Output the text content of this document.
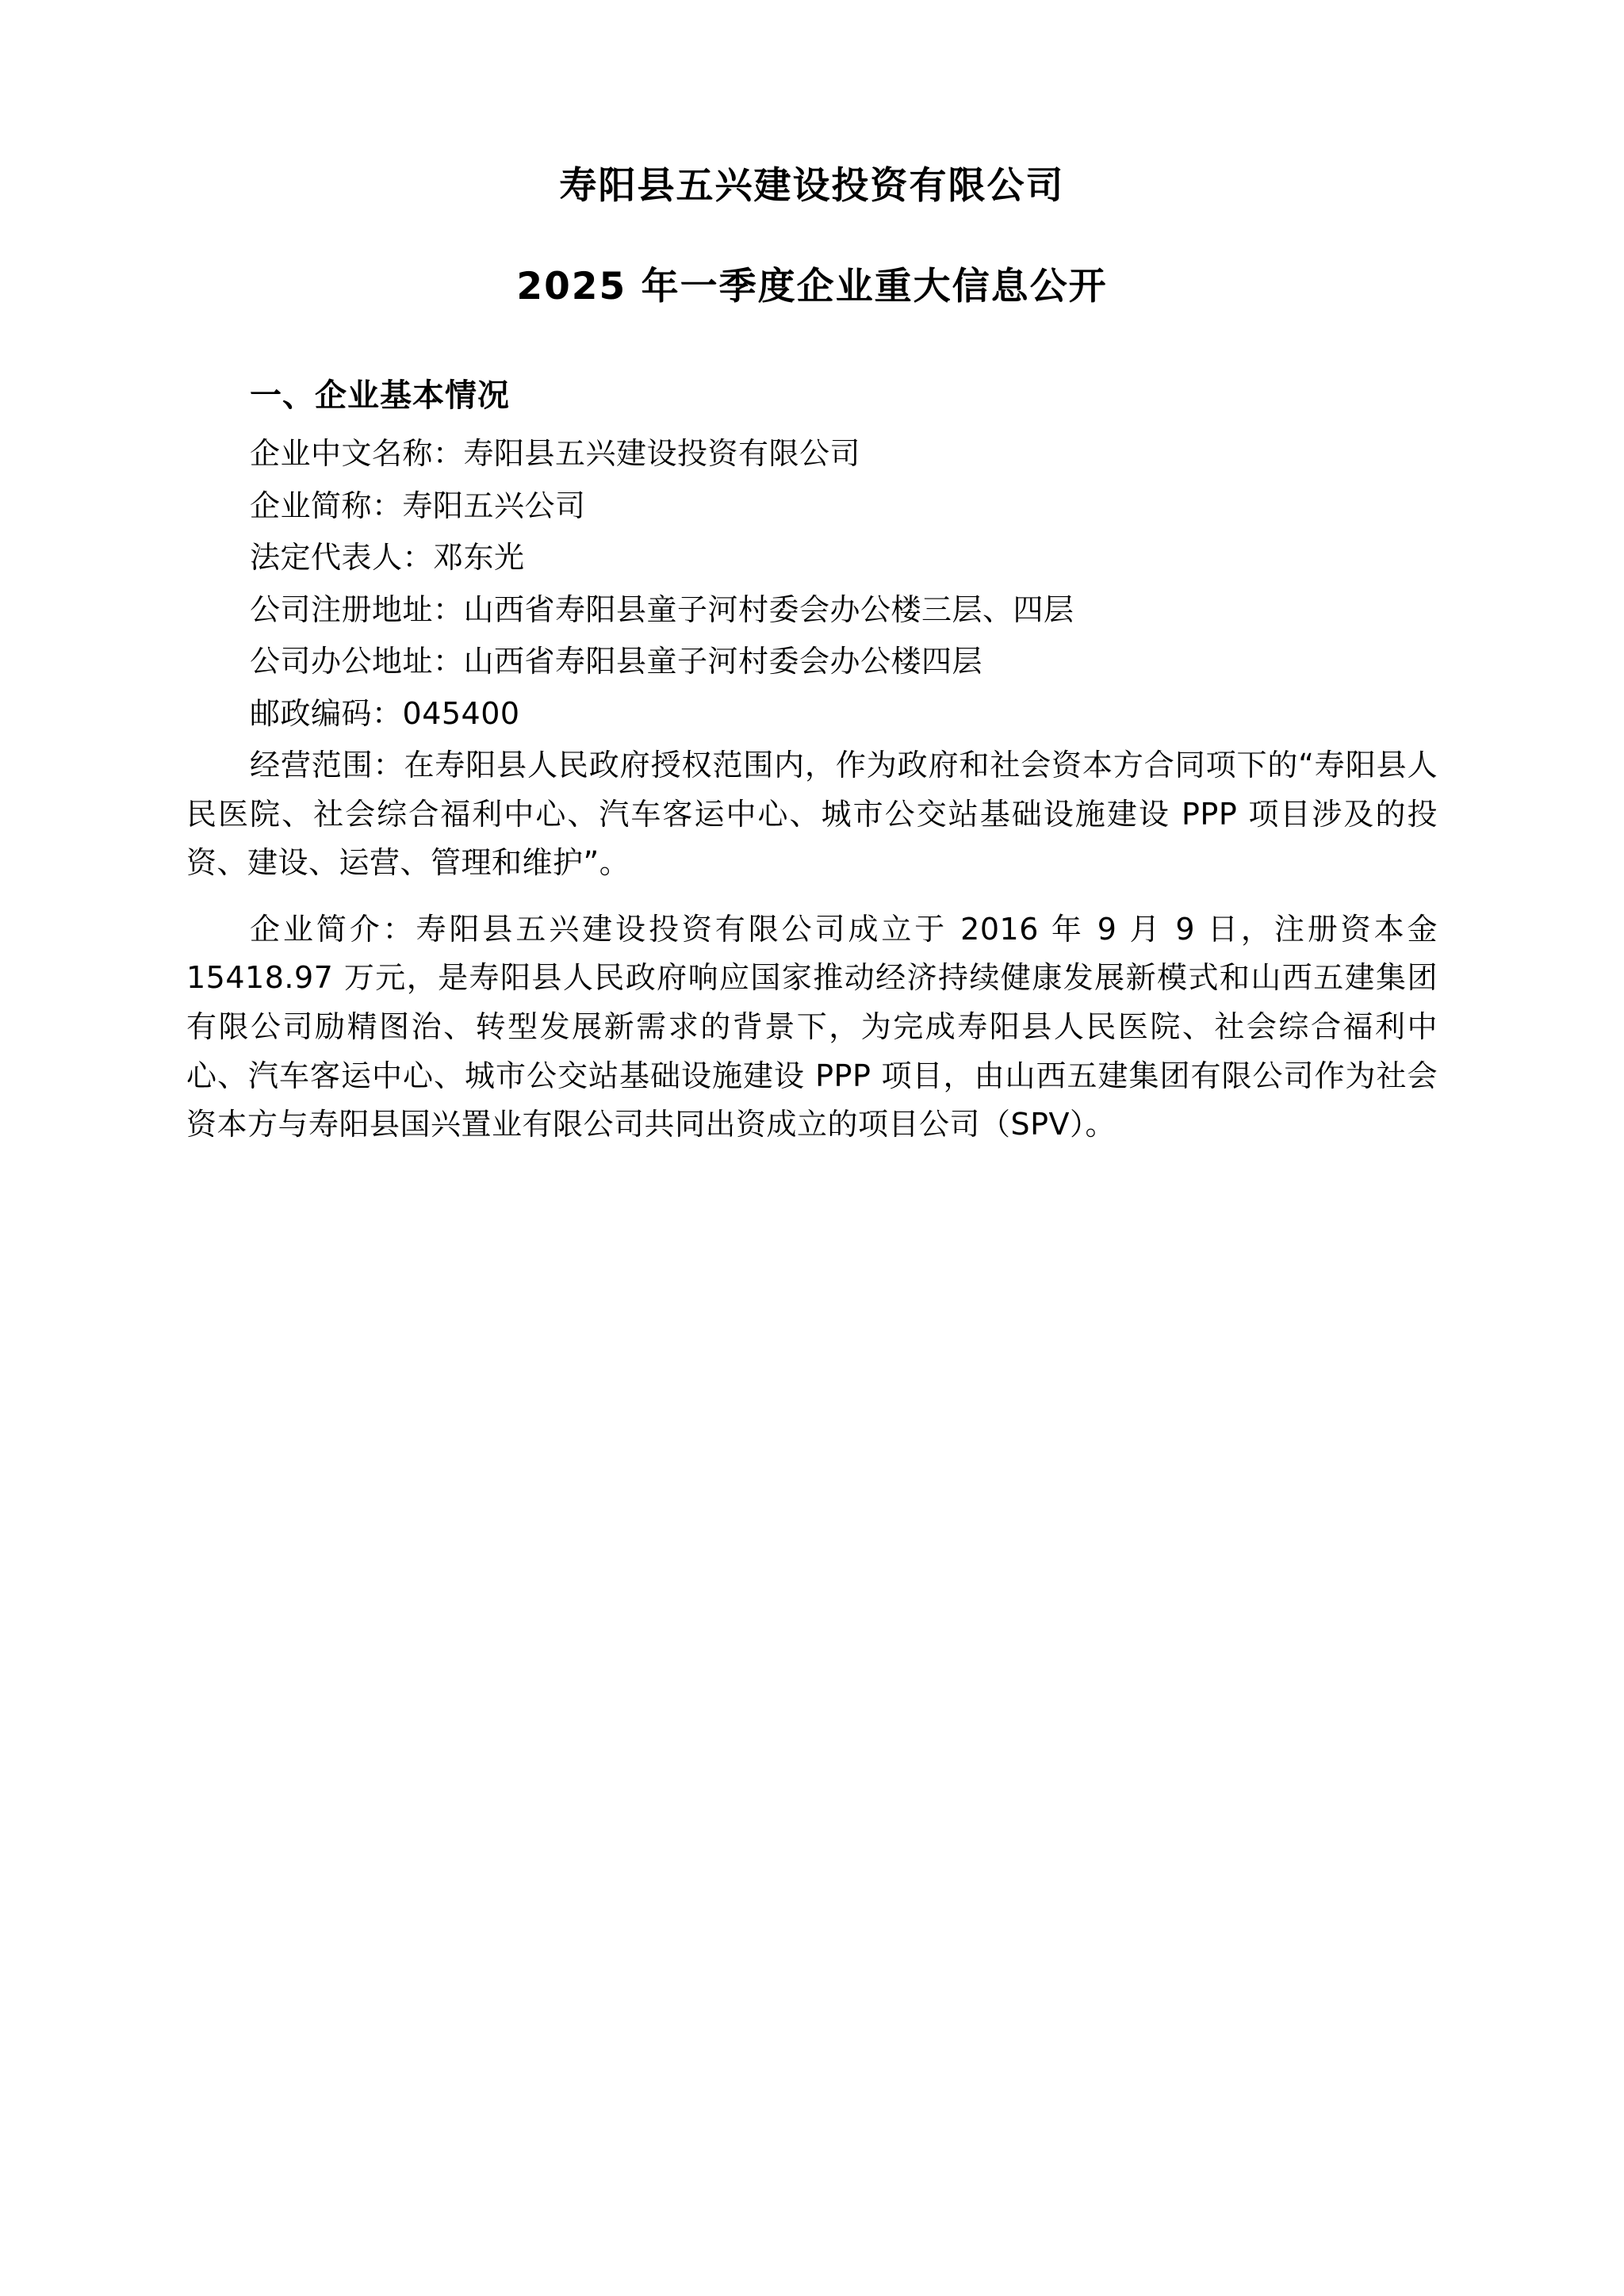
寿阳县五兴建设投资有限公司
2025 年一季度企业重大信息公开
一、企业基本情况

企业中文名称：寿阳县五兴建设投资有限公司

企业简称：寿阳五兴公司

法定代表人：邓东光

公司注册地址：山西省寿阳县童子河村委会办公楼三层、四层

公司办公地址：山西省寿阳县童子河村委会办公楼四层

邮政编码：045400

经营范围：在寿阳县人民政府授权范围内，作为政府和社会资本方合同项下的“寿阳县人民医院、社会综合福利中心、汽车客运中心、城市公交站基础设施建设 PPP 项目涉及的投资、建设、运营、管理和维护”。

企业简介：寿阳县五兴建设投资有限公司成立于 2016 年 9 月 9 日，注册资本金 15418.97 万元，是寿阳县人民政府响应国家推动经济持续健康发展新模式和山西五建集团有限公司励精图治、转型发展新需求的背景下，为完成寿阳县人民医院、社会综合福利中心、汽车客运中心、城市公交站基础设施建设 PPP 项目，由山西五建集团有限公司作为社会资本方与寿阳县国兴置业有限公司共同出资成立的项目公司（SPV）。
